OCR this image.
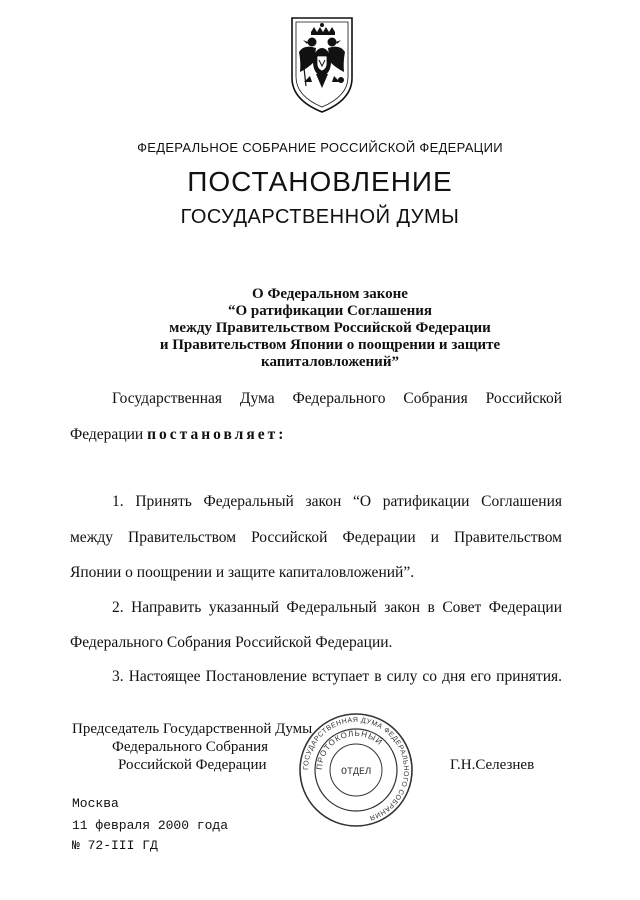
ФЕДЕРАЛЬНОЕ СОБРАНИЕ РОССИЙСКОЙ ФЕДЕРАЦИИ
ПОСТАНОВЛЕНИЕ
ГОСУДАРСТВЕННОЙ ДУМЫ
О Федеральном законе
“О ратификации Соглашения
между Правительством Российской Федерации
и Правительством Японии о поощрении и защите
капиталовложений”
Государственная Дума Федерального Собрания Российской
Федерации постановляет:
1. Принять Федеральный закон “О ратификации Соглашения
между Правительством Российской Федерации и Правительством
Японии о поощрении и защите капиталовложений”.
2. Направить указанный Федеральный закон в Совет Федерации
Федерального Собрания Российской Федерации.
3. Настоящее Постановление вступает в силу со дня его принятия.
Председатель Государственной Думы
Федерального Собрания
Российской Федерации	Г.Н.Селезнев
ГОСУДАРСТВЕННАЯ ДУМА ФЕДЕРАЛЬНОГО СОБРАНИЯ
ПРОТОКОЛЬНЫЙ
ОТДЕЛ
Москва
11 февраля 2000 года
№ 72-III ГД
